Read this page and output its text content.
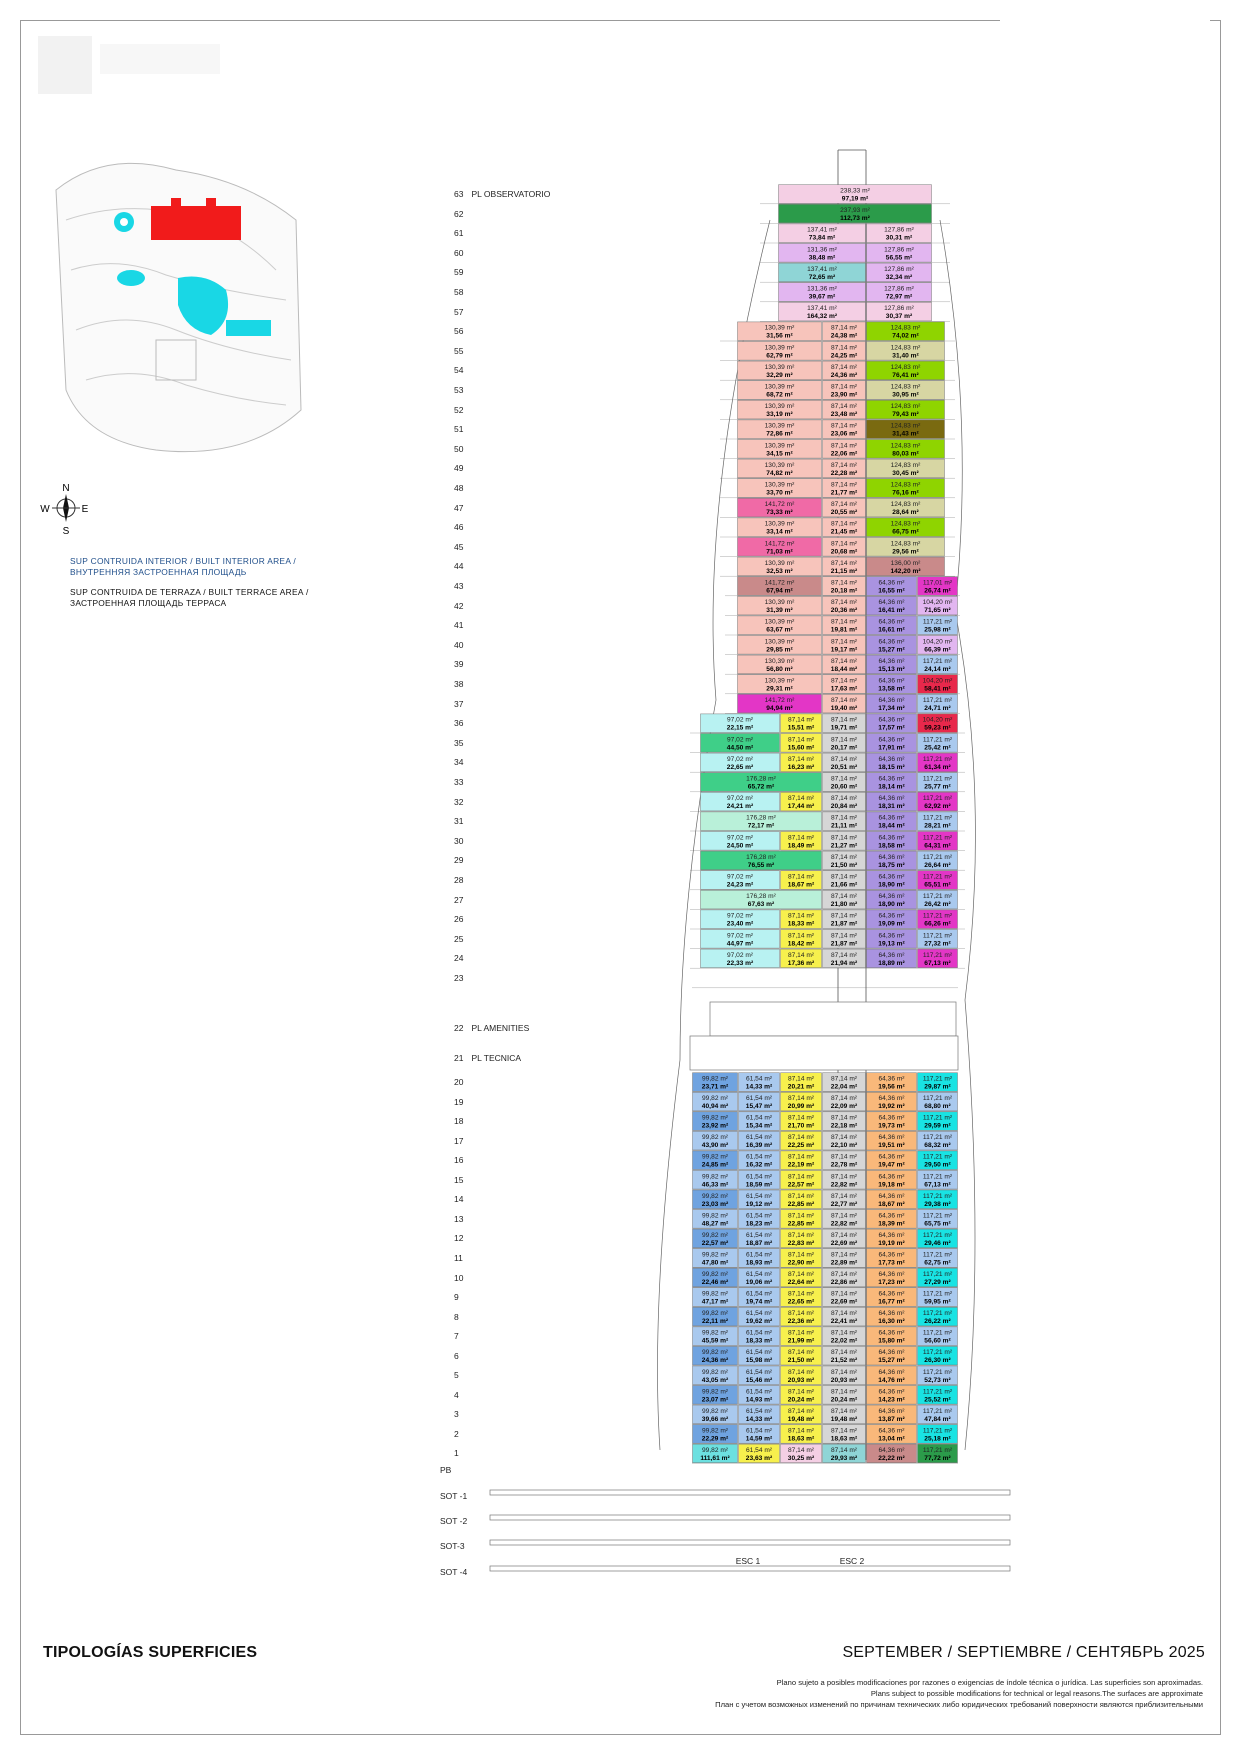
N
S
E
W
SUP CONTRUIDA INTERIOR / BUILT INTERIOR AREA /
ВНУТРЕННЯЯ ЗАСТРОЕННАЯ ПЛОЩАДЬ
SUP CONTRUIDA DE TERRAZA / BUILT TERRACE AREA /
ЗАСТРОЕННАЯ ПЛОЩАДЬ ТЕРРАСА
238,33 m²
97,19 m²
237,93 m²
112,73 m²
137,41 m²
73,84 m²
127,86 m²
30,31 m²
131,36 m²
38,48 m²
127,86 m²
56,55 m²
137,41 m²
72,65 m²
127,86 m²
32,34 m²
131,36 m²
39,67 m²
127,86 m²
72,97 m²
137,41 m²
164,32 m²
127,86 m²
30,37 m²
130,39 m²
31,56 m²
87,14 m²
24,38 m²
124,83 m²
74,02 m²
130,39 m²
62,79 m²
87,14 m²
24,25 m²
124,83 m²
31,40 m²
130,39 m²
32,29 m²
87,14 m²
24,36 m²
124,83 m²
76,41 m²
130,39 m²
68,72 m²
87,14 m²
23,90 m²
124,83 m²
30,95 m²
130,39 m²
33,19 m²
87,14 m²
23,48 m²
124,83 m²
79,43 m²
130,39 m²
72,86 m²
87,14 m²
23,06 m²
124,83 m²
31,43 m²
130,39 m²
34,15 m²
87,14 m²
22,06 m²
124,83 m²
80,03 m²
130,39 m²
74,82 m²
87,14 m²
22,28 m²
124,83 m²
30,45 m²
130,39 m²
33,70 m²
87,14 m²
21,77 m²
124,83 m²
76,16 m²
141,72 m²
73,33 m²
87,14 m²
20,55 m²
124,83 m²
28,64 m²
130,39 m²
33,14 m²
87,14 m²
21,45 m²
124,83 m²
66,75 m²
141,72 m²
71,03 m²
87,14 m²
20,68 m²
124,83 m²
29,56 m²
130,39 m²
32,53 m²
87,14 m²
21,15 m²
136,00 m²
142,20 m²
141,72 m²
67,94 m²
87,14 m²
20,18 m²
64,36 m²
16,55 m²
117,01 m²
26,74 m²
130,39 m²
31,39 m²
87,14 m²
20,36 m²
64,36 m²
16,41 m²
104,20 m²
71,65 m²
130,39 m²
63,67 m²
87,14 m²
19,81 m²
64,36 m²
16,61 m²
117,21 m²
25,98 m²
130,39 m²
29,85 m²
87,14 m²
19,17 m²
64,36 m²
15,27 m²
104,20 m²
66,39 m²
130,39 m²
56,80 m²
87,14 m²
18,44 m²
64,36 m²
15,13 m²
117,21 m²
24,14 m²
130,39 m²
29,31 m²
87,14 m²
17,63 m²
64,36 m²
13,58 m²
104,20 m²
58,41 m²
141,72 m²
94,94 m²
87,14 m²
19,40 m²
64,36 m²
17,34 m²
117,21 m²
24,71 m²
97,02 m²
22,15 m²
87,14 m²
15,51 m²
87,14 m²
19,71 m²
64,36 m²
17,57 m²
104,20 m²
59,23 m²
97,02 m²
44,50 m²
87,14 m²
15,60 m²
87,14 m²
20,17 m²
64,36 m²
17,91 m²
117,21 m²
25,42 m²
97,02 m²
22,65 m²
87,14 m²
16,23 m²
87,14 m²
20,51 m²
64,36 m²
18,15 m²
117,21 m²
61,34 m²
176,28 m²
65,72 m²
87,14 m²
20,60 m²
64,36 m²
18,14 m²
117,21 m²
25,77 m²
97,02 m²
24,21 m²
87,14 m²
17,44 m²
87,14 m²
20,84 m²
64,36 m²
18,31 m²
117,21 m²
62,92 m²
176,28 m²
72,17 m²
87,14 m²
21,11 m²
64,36 m²
18,44 m²
117,21 m²
28,21 m²
97,02 m²
24,50 m²
87,14 m²
18,49 m²
87,14 m²
21,27 m²
64,36 m²
18,58 m²
117,21 m²
64,31 m²
176,28 m²
76,55 m²
87,14 m²
21,50 m²
64,36 m²
18,75 m²
117,21 m²
26,64 m²
97,02 m²
24,23 m²
87,14 m²
18,67 m²
87,14 m²
21,66 m²
64,36 m²
18,90 m²
117,21 m²
65,51 m²
176,28 m²
67,63 m²
87,14 m²
21,80 m²
64,36 m²
18,90 m²
117,21 m²
26,42 m²
97,02 m²
23,40 m²
87,14 m²
18,33 m²
87,14 m²
21,87 m²
64,36 m²
19,09 m²
117,21 m²
66,26 m²
97,02 m²
44,97 m²
87,14 m²
18,42 m²
87,14 m²
21,87 m²
64,36 m²
19,13 m²
117,21 m²
27,32 m²
97,02 m²
22,33 m²
87,14 m²
17,36 m²
87,14 m²
21,94 m²
64,36 m²
18,89 m²
117,21 m²
67,13 m²
99,82 m²
23,71 m²
61,54 m²
14,33 m²
87,14 m²
20,21 m²
87,14 m²
22,04 m²
64,36 m²
19,56 m²
117,21 m²
29,87 m²
99,82 m²
40,94 m²
61,54 m²
15,47 m²
87,14 m²
20,99 m²
87,14 m²
22,09 m²
64,36 m²
19,92 m²
117,21 m²
68,80 m²
99,82 m²
23,92 m²
61,54 m²
15,34 m²
87,14 m²
21,70 m²
87,14 m²
22,18 m²
64,36 m²
19,73 m²
117,21 m²
29,59 m²
99,82 m²
43,90 m²
61,54 m²
16,39 m²
87,14 m²
22,25 m²
87,14 m²
22,10 m²
64,36 m²
19,51 m²
117,21 m²
68,32 m²
99,82 m²
24,85 m²
61,54 m²
16,32 m²
87,14 m²
22,19 m²
87,14 m²
22,78 m²
64,36 m²
19,47 m²
117,21 m²
29,50 m²
99,82 m²
46,33 m²
61,54 m²
18,59 m²
87,14 m²
22,57 m²
87,14 m²
22,82 m²
64,36 m²
19,18 m²
117,21 m²
67,13 m²
99,82 m²
23,03 m²
61,54 m²
19,12 m²
87,14 m²
22,85 m²
87,14 m²
22,77 m²
64,36 m²
18,67 m²
117,21 m²
29,38 m²
99,82 m²
48,27 m²
61,54 m²
18,23 m²
87,14 m²
22,85 m²
87,14 m²
22,82 m²
64,36 m²
18,39 m²
117,21 m²
65,75 m²
99,82 m²
22,57 m²
61,54 m²
18,87 m²
87,14 m²
22,83 m²
87,14 m²
22,69 m²
64,36 m²
19,19 m²
117,21 m²
29,46 m²
99,82 m²
47,80 m²
61,54 m²
18,93 m²
87,14 m²
22,90 m²
87,14 m²
22,89 m²
64,36 m²
17,73 m²
117,21 m²
62,75 m²
99,82 m²
22,46 m²
61,54 m²
19,06 m²
87,14 m²
22,64 m²
87,14 m²
22,86 m²
64,36 m²
17,23 m²
117,21 m²
27,29 m²
99,82 m²
47,17 m²
61,54 m²
19,74 m²
87,14 m²
22,65 m²
87,14 m²
22,69 m²
64,36 m²
16,77 m²
117,21 m²
59,95 m²
99,82 m²
22,11 m²
61,54 m²
19,62 m²
87,14 m²
22,36 m²
87,14 m²
22,41 m²
64,36 m²
16,30 m²
117,21 m²
26,22 m²
99,82 m²
45,59 m²
61,54 m²
18,33 m²
87,14 m²
21,99 m²
87,14 m²
22,02 m²
64,36 m²
15,80 m²
117,21 m²
56,60 m²
99,82 m²
24,36 m²
61,54 m²
15,98 m²
87,14 m²
21,50 m²
87,14 m²
21,52 m²
64,36 m²
15,27 m²
117,21 m²
26,30 m²
99,82 m²
43,05 m²
61,54 m²
15,46 m²
87,14 m²
20,93 m²
87,14 m²
20,93 m²
64,36 m²
14,76 m²
117,21 m²
52,73 m²
99,82 m²
23,07 m²
61,54 m²
14,93 m²
87,14 m²
20,24 m²
87,14 m²
20,24 m²
64,36 m²
14,23 m²
117,21 m²
25,52 m²
99,82 m²
39,66 m²
61,54 m²
14,33 m²
87,14 m²
19,48 m²
87,14 m²
19,48 m²
64,36 m²
13,87 m²
117,21 m²
47,84 m²
99,82 m²
22,29 m²
61,54 m²
14,59 m²
87,14 m²
18,63 m²
87,14 m²
18,63 m²
64,36 m²
13,04 m²
117,21 m²
25,18 m²
99,82 m²
111,61 m²
61,54 m²
23,63 m²
87,14 m²
30,25 m²
87,14 m²
29,93 m²
64,36 m²
22,22 m²
117,21 m²
77,72 m²
ESC 1	ESC 2
63 PL OBSERVATORIO
62
61
60
59
58
57
56
55
54
53
52
51
50
49
48
47
46
45
44
43
42
41
40
39
38
37
36
35
34
33
32
31
30
29
28
27
26
25
24
23
22 PL AMENITIES
21 PL TECNICA
20
19
18
17
16
15
14
13
12
11
10
9
8
7
6
5
4
3
2
1
PB
SOT -1
SOT -2
SOT-3
SOT -4
TIPOLOGÍAS SUPERFICIES	SEPTEMBER / SEPTIEMBRE / СЕНТЯБРЬ 2025
Plano sujeto a posibles modificaciones por razones o exigencias de índole técnica o jurídica. Las superficies son aproximadas.
Plans subject to possible modifications for technical or legal reasons.The surfaces are approximate
План с учетом возможных изменений по причинам технических либо юридических требований поверхности являются приблизительными
